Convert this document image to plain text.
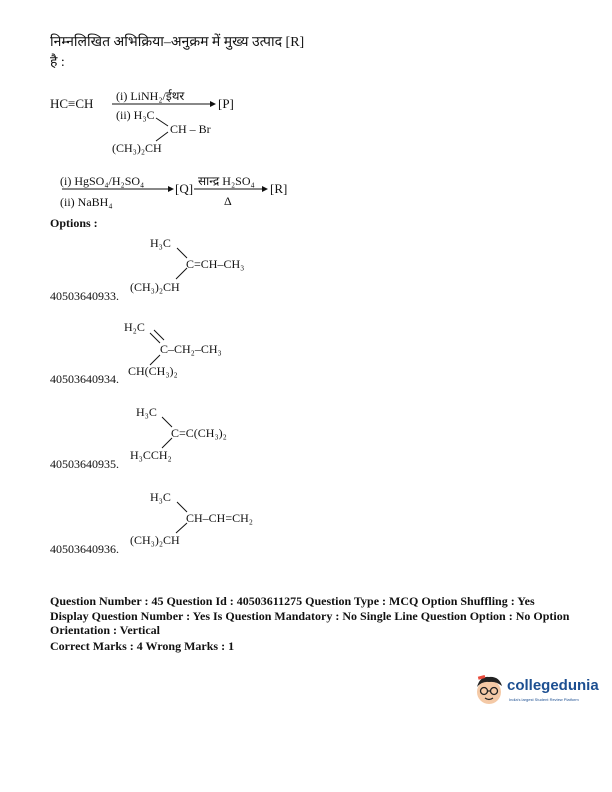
निम्नलिखित अभिक्रिया–अनुक्रम में मुख्य उत्पाद [R]
है :
HC≡CH (i) LiNH₂/ईथर
(ii) H₃C
[P]
CH – Br
(CH₃)₂CH
(i) HgSO₄/H₂SO₄
(ii) NaBH₄
[Q] सान्द्र H₂SO₄
Δ
[R]
Options :
H₃C
C=CH–CH₃
(CH₃)₂CH
40503640933.
H₂C
C–CH₂–CH₃
CH(CH₃)₂
40503640934.
H₃C
C=C(CH₃)₂
H₃CCH₂
40503640935.
H₃C
CH–CH=CH₂
(CH₃)₂CH
40503640936.
Question Number : 45 Question Id : 40503611275 Question Type : MCQ Option Shuffling : Yes
Display Question Number : Yes Is Question Mandatory : No Single Line Question Option : No Option
Orientation : Vertical
Correct Marks : 4 Wrong Marks : 1
collegedunia
India's largest Student Review Platform
